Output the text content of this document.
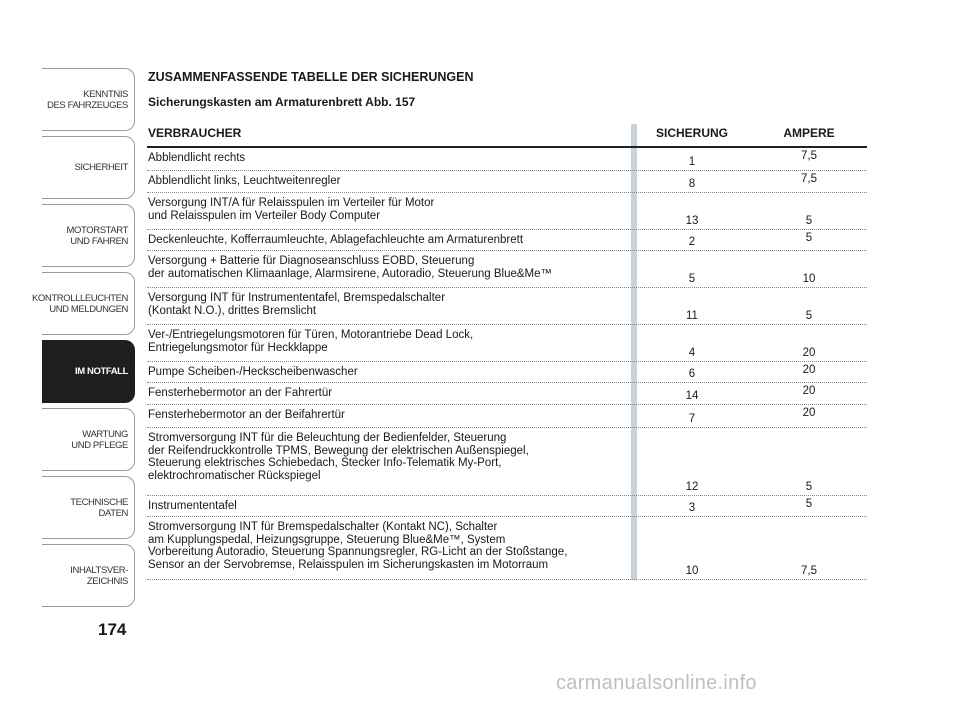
KENNTNIS
DES FAHRZEUGES
SICHERHEIT
MOTORSTART
UND FAHREN
KONTROLLLEUCHTEN
UND MELDUNGEN
IM NOTFALL
WARTUNG
UND PFLEGE
TECHNISCHE
DATEN
INHALTSVER-
ZEICHNIS
174
ZUSAMMENFASSENDE TABELLE DER SICHERUNGEN
Sicherungskasten am Armaturenbrett Abb. 157
VERBRAUCHER	SICHERUNG	AMPERE
Abblendlicht rechts	1	7,5
Abblendlicht links, Leuchtweitenregler	8	7,5
Versorgung INT/A für Relaisspulen im Verteiler für Motor
und Relaisspulen im Verteiler Body Computer	13	5
Deckenleuchte, Kofferraumleuchte, Ablagefachleuchte am Armaturenbrett	2	5
Versorgung + Batterie für Diagnoseanschluss EOBD, Steuerung
der automatischen Klimaanlage, Alarmsirene, Autoradio, Steuerung Blue&Me™	5	10
Versorgung INT für Instrumententafel, Bremspedalschalter
(Kontakt N.O.), drittes Bremslicht	11	5
Ver-/Entriegelungsmotoren für Türen, Motorantriebe Dead Lock,
Entriegelungsmotor für Heckklappe	4	20
Pumpe Scheiben-/Heckscheibenwascher	6	20
Fensterhebermotor an der Fahrertür	14	20
Fensterhebermotor an der Beifahrertür	7	20
Stromversorgung INT für die Beleuchtung der Bedienfelder, Steuerung
der Reifendruckkontrolle TPMS, Bewegung der elektrischen Außenspiegel,
Steuerung elektrisches Schiebedach, Stecker Info-Telematik My-Port,
elektrochromatischer Rückspiegel
12	5
Instrumententafel	3	5
Stromversorgung INT für Bremspedalschalter (Kontakt NC), Schalter
am Kupplungspedal, Heizungsgruppe, Steuerung Blue&Me™, System
Vorbereitung Autoradio, Steuerung Spannungsregler, RG-Licht an der Stoßstange,
Sensor an der Servobremse, Relaisspulen im Sicherungskasten im Motorraum
10	7,5
carmanualsonline.info
